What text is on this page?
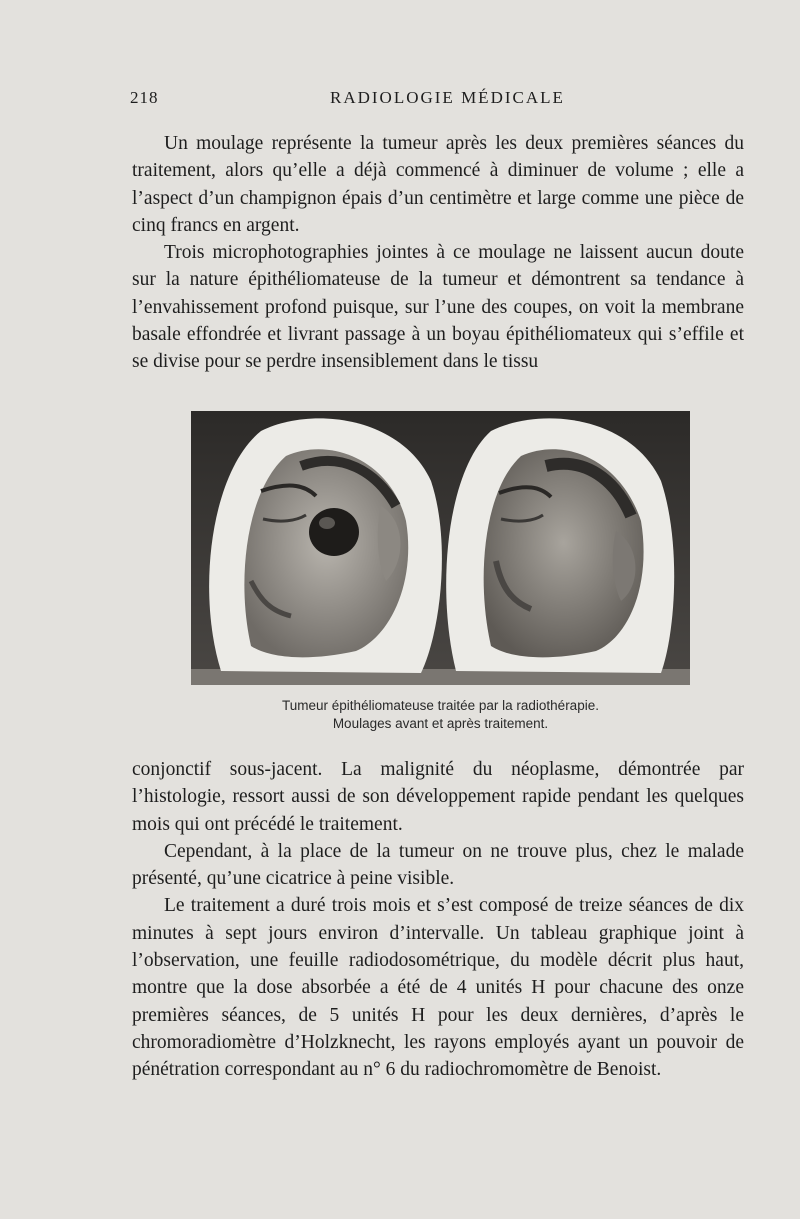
218	RADIOLOGIE MÉDICALE

Un moulage représente la tumeur après les deux premières séances du traitement, alors qu’elle a déjà commencé à diminuer de volume ; elle a l’aspect d’un champignon épais d’un centimètre et large comme une pièce de cinq francs en argent.

Trois microphotographies jointes à ce moulage ne laissent aucun doute sur la nature épithéliomateuse de la tumeur et démontrent sa tendance à l’envahissement profond puisque, sur l’une des coupes, on voit la membrane basale effondrée et livrant passage à un boyau épithéliomateux qui s’effile et se divise pour se perdre insensiblement dans le tissu

Tumeur épithéliomateuse traitée par la radiothérapie.
Moulages avant et après traitement.

conjonctif sous-jacent. La malignité du néoplasme, démontrée par l’histologie, ressort aussi de son développement rapide pendant les quelques mois qui ont précédé le traitement.

Cependant, à la place de la tumeur on ne trouve plus, chez le malade présenté, qu’une cicatrice à peine visible.

Le traitement a duré trois mois et s’est composé de treize séances de dix minutes à sept jours environ d’intervalle. Un tableau graphique joint à l’observation, une feuille radiodosométrique, du modèle décrit plus haut, montre que la dose absorbée a été de 4 unités H pour chacune des onze premières séances, de 5 unités H pour les deux dernières, d’après le chromoradiomètre d’Holzknecht, les rayons employés ayant un pouvoir de pénétration correspondant au n° 6 du radiochromomètre de Benoist.
